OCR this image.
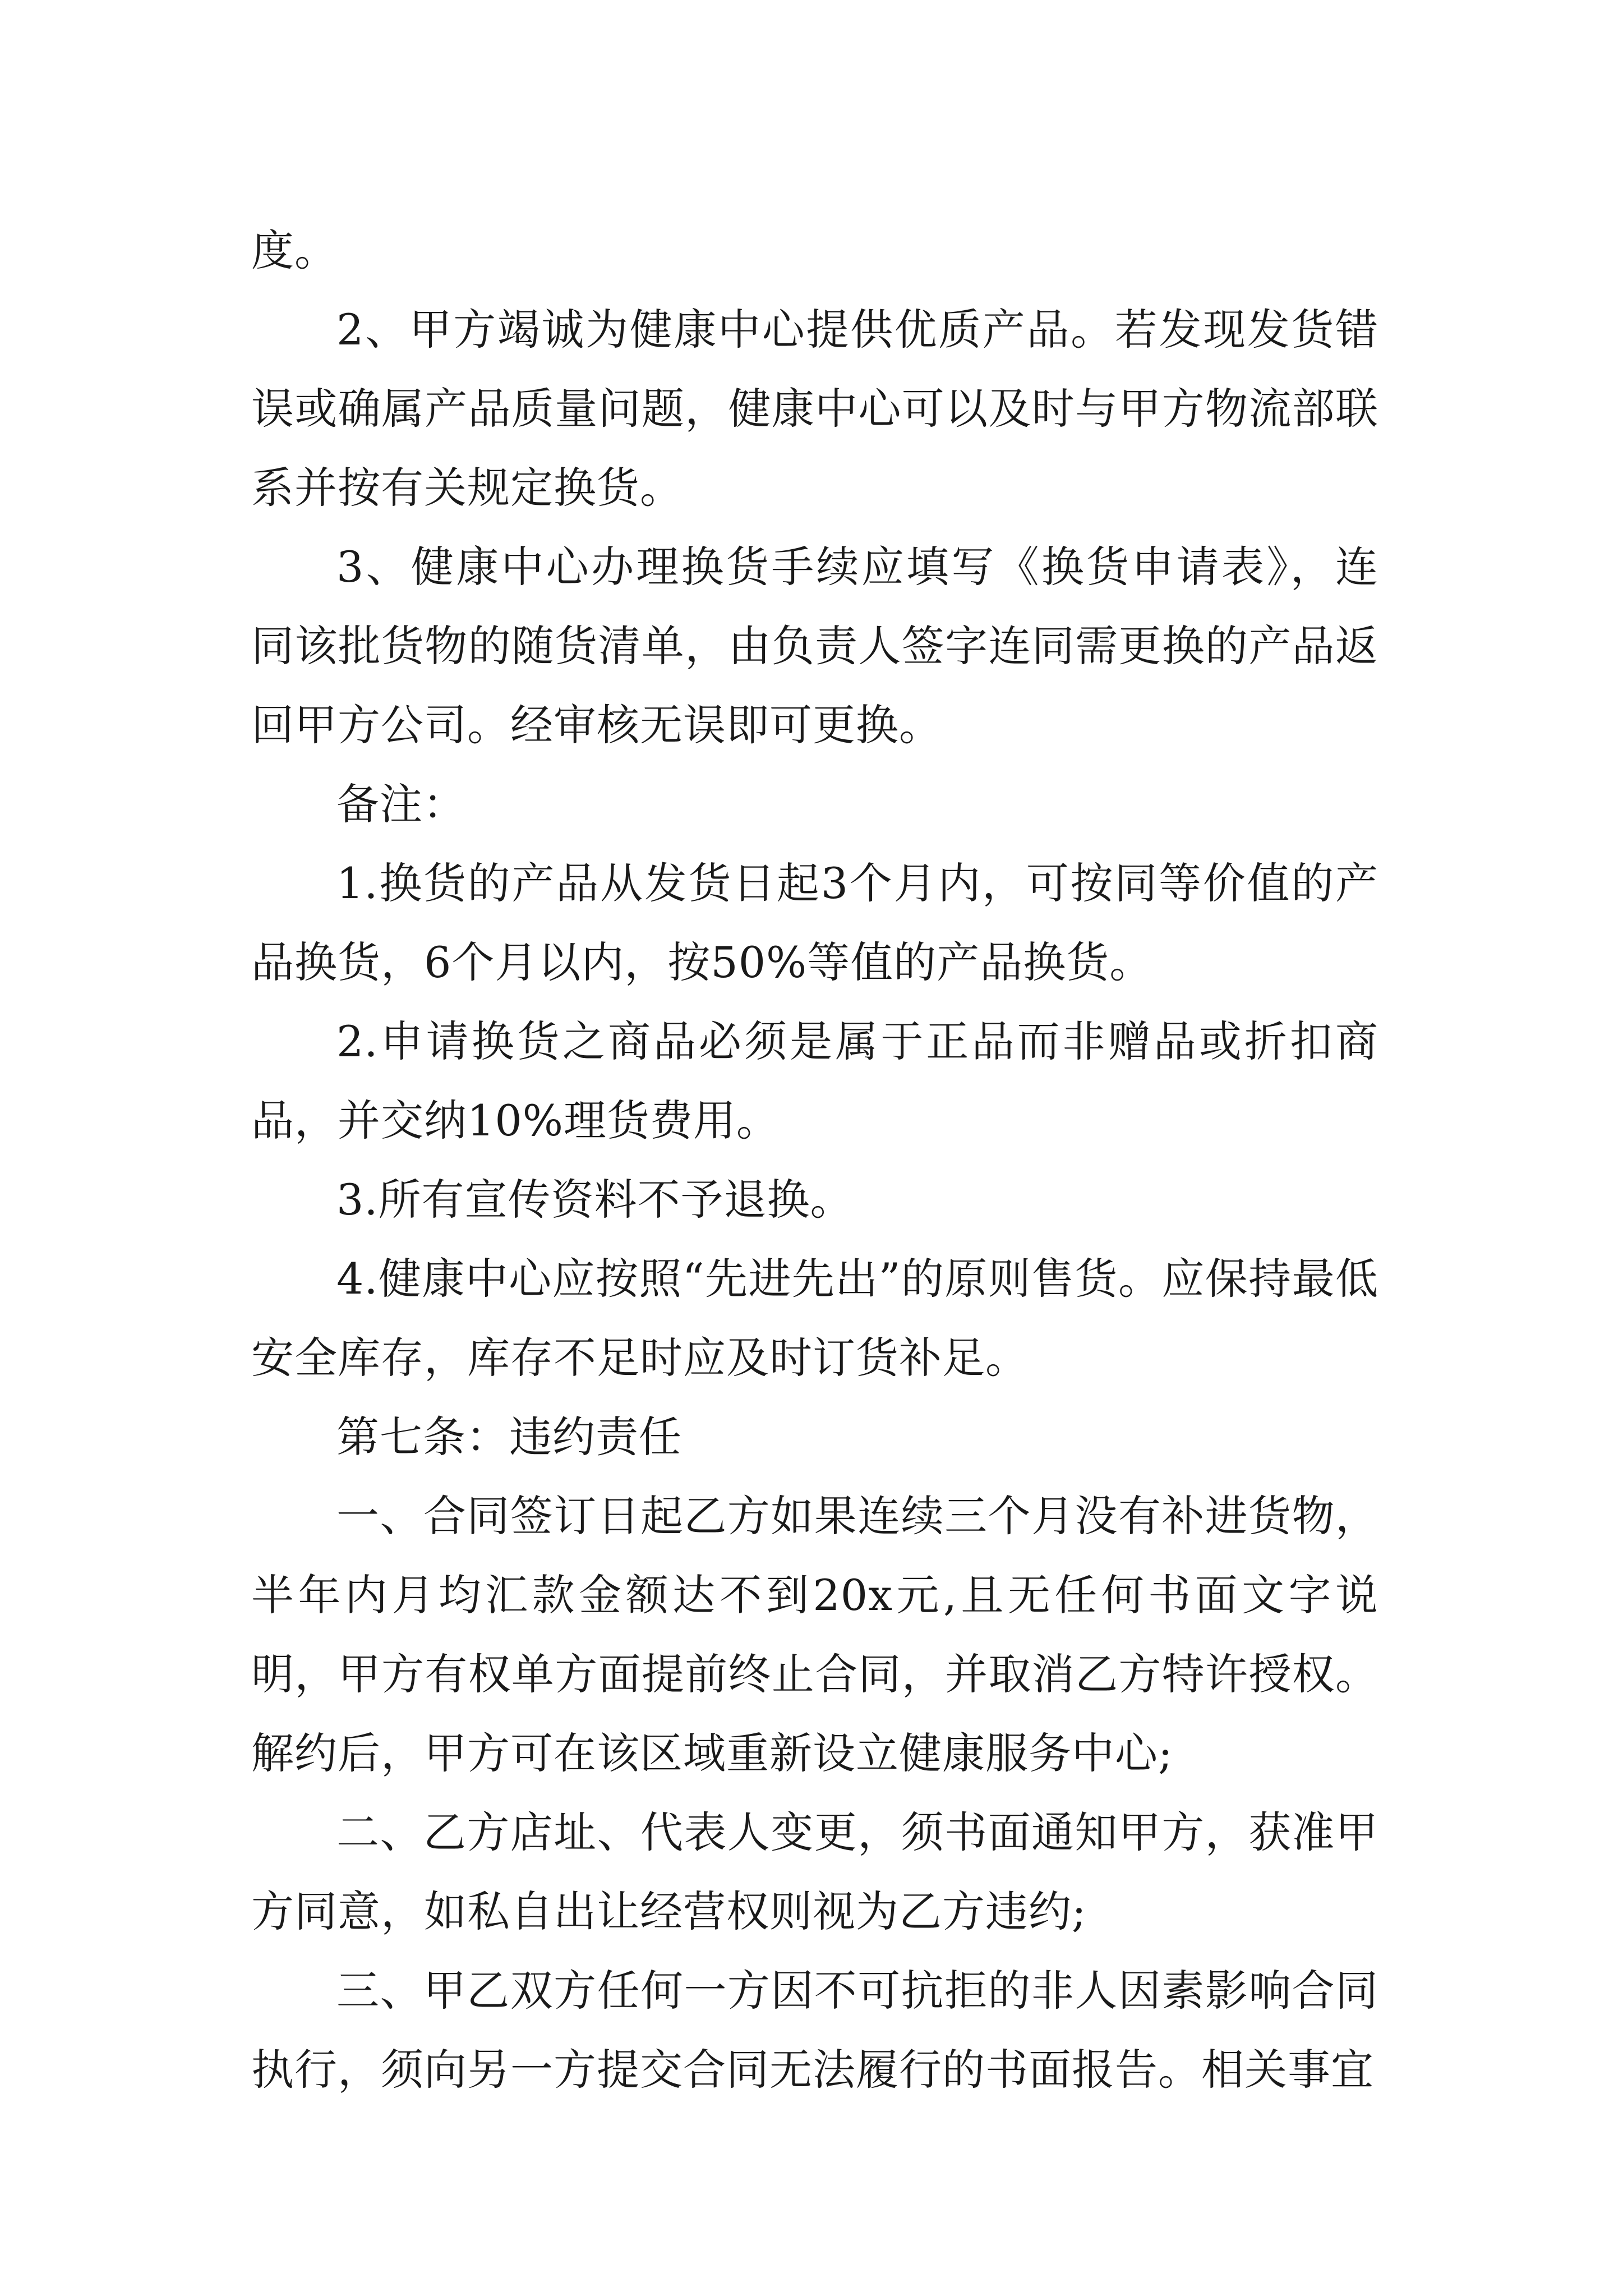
度。

2、甲方竭诚为健康中心提供优质产品。若发现发货错误或确属产品质量问题，健康中心可以及时与甲方物流部联系并按有关规定换货。

3、健康中心办理换货手续应填写《换货申请表》，连同该批货物的随货清单，由负责人签字连同需更换的产品返回甲方公司。经审核无误即可更换。

备注：

1.换货的产品从发货日起3个月内，可按同等价值的产品换货，6个月以内，按50%等值的产品换货。

2.申请换货之商品必须是属于正品而非赠品或折扣商品，并交纳10%理货费用。

3.所有宣传资料不予退换。

4.健康中心应按照“先进先出”的原则售货。应保持最低安全库存，库存不足时应及时订货补足。

第七条：违约责任

一、合同签订日起乙方如果连续三个月没有补进货物，半年内月均汇款金额达不到20x元,且无任何书面文字说明，甲方有权单方面提前终止合同，并取消乙方特许授权。解约后，甲方可在该区域重新设立健康服务中心;

二、乙方店址、代表人变更，须书面通知甲方，获准甲方同意，如私自出让经营权则视为乙方违约;

三、甲乙双方任何一方因不可抗拒的非人因素影响合同执行，须向另一方提交合同无法履行的书面报告。相关事宜
